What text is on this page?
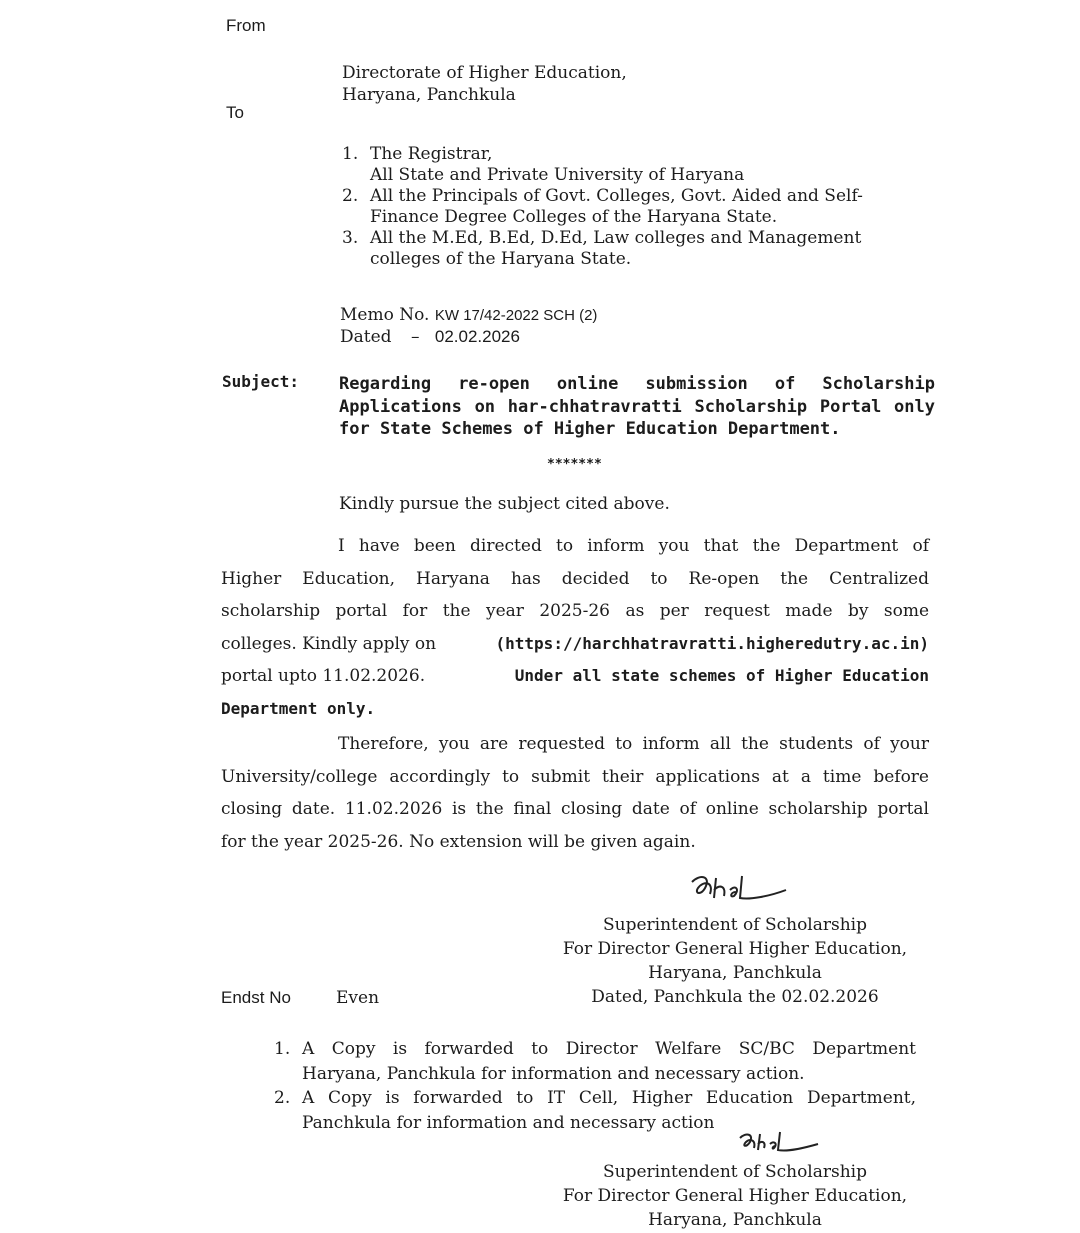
From
Directorate of Higher Education,
Haryana, Panchkula
To
1. The Registrar,
All State and Private University of Haryana
2. All the Principals of Govt. Colleges, Govt. Aided and Self-
Finance Degree Colleges of the Haryana State.
3. All the M.Ed, B.Ed, D.Ed, Law colleges and Management
colleges of the Haryana State.
Memo No. KW 17/42-2022 SCH (2)
Dated – 02.02.2026
Subject: Regarding re-open online submission of Scholarship
Applications on har-chhatravratti Scholarship Portal only
for State Schemes of Higher Education Department.
*******
Kindly pursue the subject cited above.
I have been directed to inform you that the Department of
Higher Education, Haryana has decided to Re-open the Centralized
scholarship portal for the year 2025-26 as per request made by some
colleges. Kindly apply on	(https://harchhatravratti.higheredutry.ac.in)
portal upto 11.02.2026.	Under all state schemes of Higher Education
Department only.
Therefore, you are requested to inform all the students of your
University/college accordingly to submit their applications at a time before
closing date. 11.02.2026 is the final closing date of online scholarship portal
for the year 2025-26. No extension will be given again.
Superintendent of Scholarship
For Director General Higher Education,
Haryana, Panchkula
Dated, Panchkula the 02.02.2026
Endst No	Even
1. A Copy is forwarded to Director Welfare SC/BC Department
Haryana, Panchkula for information and necessary action.
2. A Copy is forwarded to IT Cell, Higher Education Department,
Panchkula for information and necessary action
Superintendent of Scholarship
For Director General Higher Education,
Haryana, Panchkula
